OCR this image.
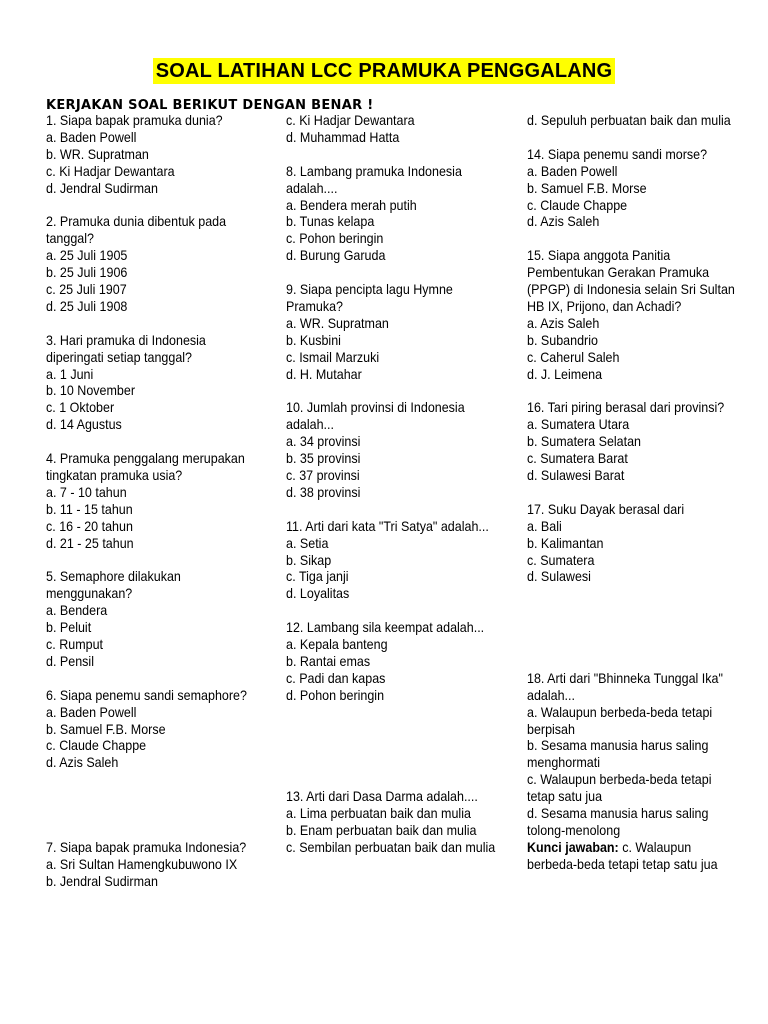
SOAL LATIHAN LCC PRAMUKA PENGGALANG
KERJAKAN SOAL BERIKUT DENGAN BENAR !
1. Siapa bapak pramuka dunia?
a. Baden Powell
b. WR. Supratman
c. Ki Hadjar Dewantara
d. Jendral Sudirman
2. Pramuka dunia dibentuk pada tanggal?
a. 25 Juli 1905
b. 25 Juli 1906
c. 25 Juli 1907
d. 25 Juli 1908
3. Hari pramuka di Indonesia diperingati setiap tanggal?
a. 1 Juni
b. 10 November
c. 1 Oktober
d. 14 Agustus
4. Pramuka penggalang merupakan tingkatan pramuka usia?
a. 7 - 10 tahun
b. 11 - 15 tahun
c. 16 - 20 tahun
d. 21 - 25 tahun
5. Semaphore dilakukan menggunakan?
a. Bendera
b. Peluit
c. Rumput
d. Pensil
6. Siapa penemu sandi semaphore?
a. Baden Powell
b. Samuel F.B. Morse
c. Claude Chappe
d. Azis Saleh
7. Siapa bapak pramuka Indonesia?
a. Sri Sultan Hamengkubuwono IX
b. Jendral Sudirman
c. Ki Hadjar Dewantara
d. Muhammad Hatta
8. Lambang pramuka Indonesia adalah....
a. Bendera merah putih
b. Tunas kelapa
c. Pohon beringin
d. Burung Garuda
9. Siapa pencipta lagu Hymne Pramuka?
a. WR. Supratman
b. Kusbini
c. Ismail Marzuki
d. H. Mutahar
10. Jumlah provinsi di Indonesia adalah...
a. 34 provinsi
b. 35 provinsi
c. 37 provinsi
d. 38 provinsi
11. Arti dari kata "Tri Satya" adalah...
a. Setia
b. Sikap
c. Tiga janji
d. Loyalitas
12. Lambang sila keempat adalah...
a. Kepala banteng
b. Rantai emas
c. Padi dan kapas
d. Pohon beringin
13. Arti dari Dasa Darma adalah....
a. Lima perbuatan baik dan mulia
b. Enam perbuatan baik dan mulia
c. Sembilan perbuatan baik dan mulia
d. Sepuluh perbuatan baik dan mulia
14. Siapa penemu sandi morse?
a. Baden Powell
b. Samuel F.B. Morse
c. Claude Chappe
d. Azis Saleh
15. Siapa anggota Panitia Pembentukan Gerakan Pramuka (PPGP) di Indonesia selain Sri Sultan HB IX, Prijono, dan Achadi?
a. Azis Saleh
b. Subandrio
c. Caherul Saleh
d. J. Leimena
16. Tari piring berasal dari provinsi?
a. Sumatera Utara
b. Sumatera Selatan
c. Sumatera Barat
d. Sulawesi Barat
17. Suku Dayak berasal dari
a. Bali
b. Kalimantan
c. Sumatera
d. Sulawesi
18. Arti dari "Bhinneka Tunggal Ika" adalah...
a. Walaupun berbeda-beda tetapi berpisah
b. Sesama manusia harus saling menghormati
c. Walaupun berbeda-beda tetapi tetap satu jua
d. Sesama manusia harus saling tolong-menolong
Kunci jawaban: c. Walaupun berbeda-beda tetapi tetap satu jua
